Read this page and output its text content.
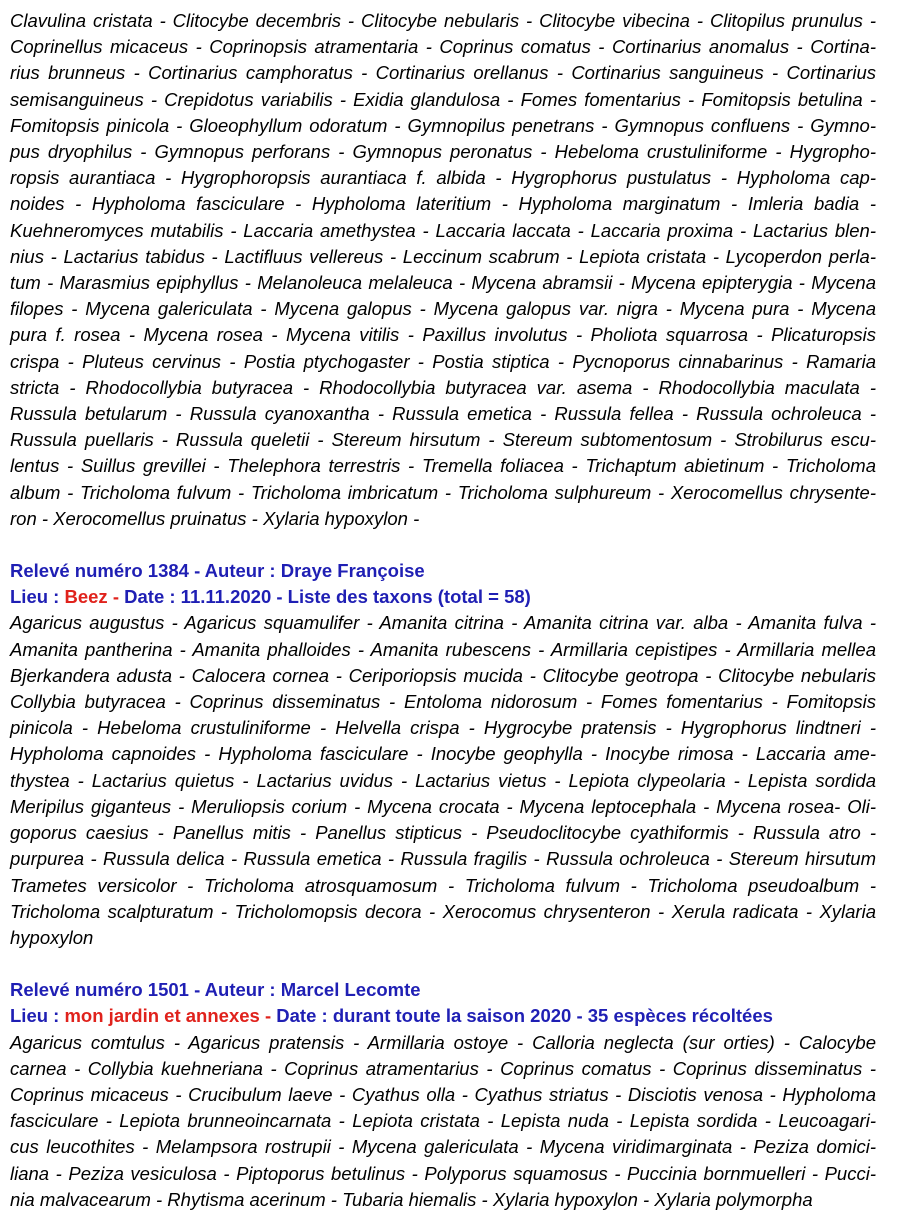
Clavulina cristata - Clitocybe decembris - Clitocybe nebularis - Clitocybe vibecina - Clitopilus prunulus -
Coprinellus micaceus - Coprinopsis atramentaria - Coprinus comatus - Cortinarius anomalus - Cortina-
rius brunneus - Cortinarius camphoratus - Cortinarius orellanus - Cortinarius sanguineus - Cortinarius
semisanguineus - Crepidotus variabilis - Exidia glandulosa - Fomes fomentarius - Fomitopsis betulina -
Fomitopsis pinicola - Gloeophyllum odoratum - Gymnopilus penetrans - Gymnopus confluens - Gymno-
pus dryophilus - Gymnopus perforans - Gymnopus peronatus - Hebeloma crustuliniforme - Hygropho-
ropsis aurantiaca - Hygrophoropsis aurantiaca f. albida - Hygrophorus pustulatus - Hypholoma cap-
noides - Hypholoma fasciculare - Hypholoma lateritium - Hypholoma marginatum - Imleria badia -
Kuehneromyces mutabilis - Laccaria amethystea - Laccaria laccata - Laccaria proxima - Lactarius blen-
nius - Lactarius tabidus - Lactifluus vellereus - Leccinum scabrum - Lepiota cristata - Lycoperdon perla-
tum - Marasmius epiphyllus - Melanoleuca melaleuca - Mycena abramsii - Mycena epipterygia - Mycena
filopes - Mycena galericulata - Mycena galopus - Mycena galopus var. nigra - Mycena pura - Mycena
pura f. rosea - Mycena rosea - Mycena vitilis - Paxillus involutus - Pholiota squarrosa - Plicaturopsis
crispa - Pluteus cervinus - Postia ptychogaster - Postia stiptica - Pycnoporus cinnabarinus - Ramaria
stricta - Rhodocollybia butyracea - Rhodocollybia butyracea var. asema - Rhodocollybia maculata -
Russula betularum - Russula cyanoxantha - Russula emetica - Russula fellea - Russula ochroleuca -
Russula puellaris - Russula queletii - Stereum hirsutum - Stereum subtomentosum - Strobilurus escu-
lentus - Suillus grevillei - Thelephora terrestris - Tremella foliacea - Trichaptum abietinum - Tricholoma
album - Tricholoma fulvum - Tricholoma imbricatum - Tricholoma sulphureum - Xerocomellus chrysente-
ron - Xerocomellus pruinatus - Xylaria hypoxylon -

Relevé numéro 1384 - Auteur : Draye Françoise

Lieu : Beez - Date : 11.11.2020 - Liste des taxons (total = 58)

Agaricus augustus - Agaricus squamulifer - Amanita citrina - Amanita citrina var. alba - Amanita fulva -
Amanita pantherina - Amanita phalloides - Amanita rubescens - Armillaria cepistipes - Armillaria mellea
Bjerkandera adusta - Calocera cornea - Ceriporiopsis mucida - Clitocybe geotropa - Clitocybe nebularis
Collybia butyracea - Coprinus disseminatus - Entoloma nidorosum - Fomes fomentarius - Fomitopsis
pinicola - Hebeloma crustuliniforme - Helvella crispa - Hygrocybe pratensis - Hygrophorus lindtneri -
Hypholoma capnoides - Hypholoma fasciculare - Inocybe geophylla - Inocybe rimosa - Laccaria ame-
thystea - Lactarius quietus - Lactarius uvidus - Lactarius vietus - Lepiota clypeolaria - Lepista sordida
Meripilus giganteus - Meruliopsis corium - Mycena crocata - Mycena leptocephala - Mycena rosea- Oli-
goporus caesius - Panellus mitis - Panellus stipticus - Pseudoclitocybe cyathiformis - Russula atro -
purpurea - Russula delica - Russula emetica - Russula fragilis - Russula ochroleuca - Stereum hirsutum
Trametes versicolor - Tricholoma atrosquamosum - Tricholoma fulvum - Tricholoma pseudoalbum -
Tricholoma scalpturatum - Tricholomopsis decora - Xerocomus chrysenteron - Xerula radicata - Xylaria
hypoxylon

Relevé numéro 1501 - Auteur : Marcel Lecomte

Lieu : mon jardin et annexes - Date : durant toute la saison 2020 - 35 espèces récoltées

Agaricus comtulus - Agaricus pratensis - Armillaria ostoye - Calloria neglecta (sur orties) - Calocybe
carnea - Collybia kuehneriana - Coprinus atramentarius - Coprinus comatus - Coprinus disseminatus -
Coprinus micaceus - Crucibulum laeve - Cyathus olla - Cyathus striatus - Disciotis venosa - Hypholoma
fasciculare - Lepiota brunneoincarnata - Lepiota cristata - Lepista nuda - Lepista sordida - Leucoagari-
cus leucothites - Melampsora rostrupii - Mycena galericulata - Mycena viridimarginata - Peziza domici-
liana - Peziza vesiculosa - Piptoporus betulinus - Polyporus squamosus - Puccinia bornmuelleri - Pucci-
nia malvacearum - Rhytisma acerinum - Tubaria hiemalis - Xylaria hypoxylon - Xylaria polymorpha
